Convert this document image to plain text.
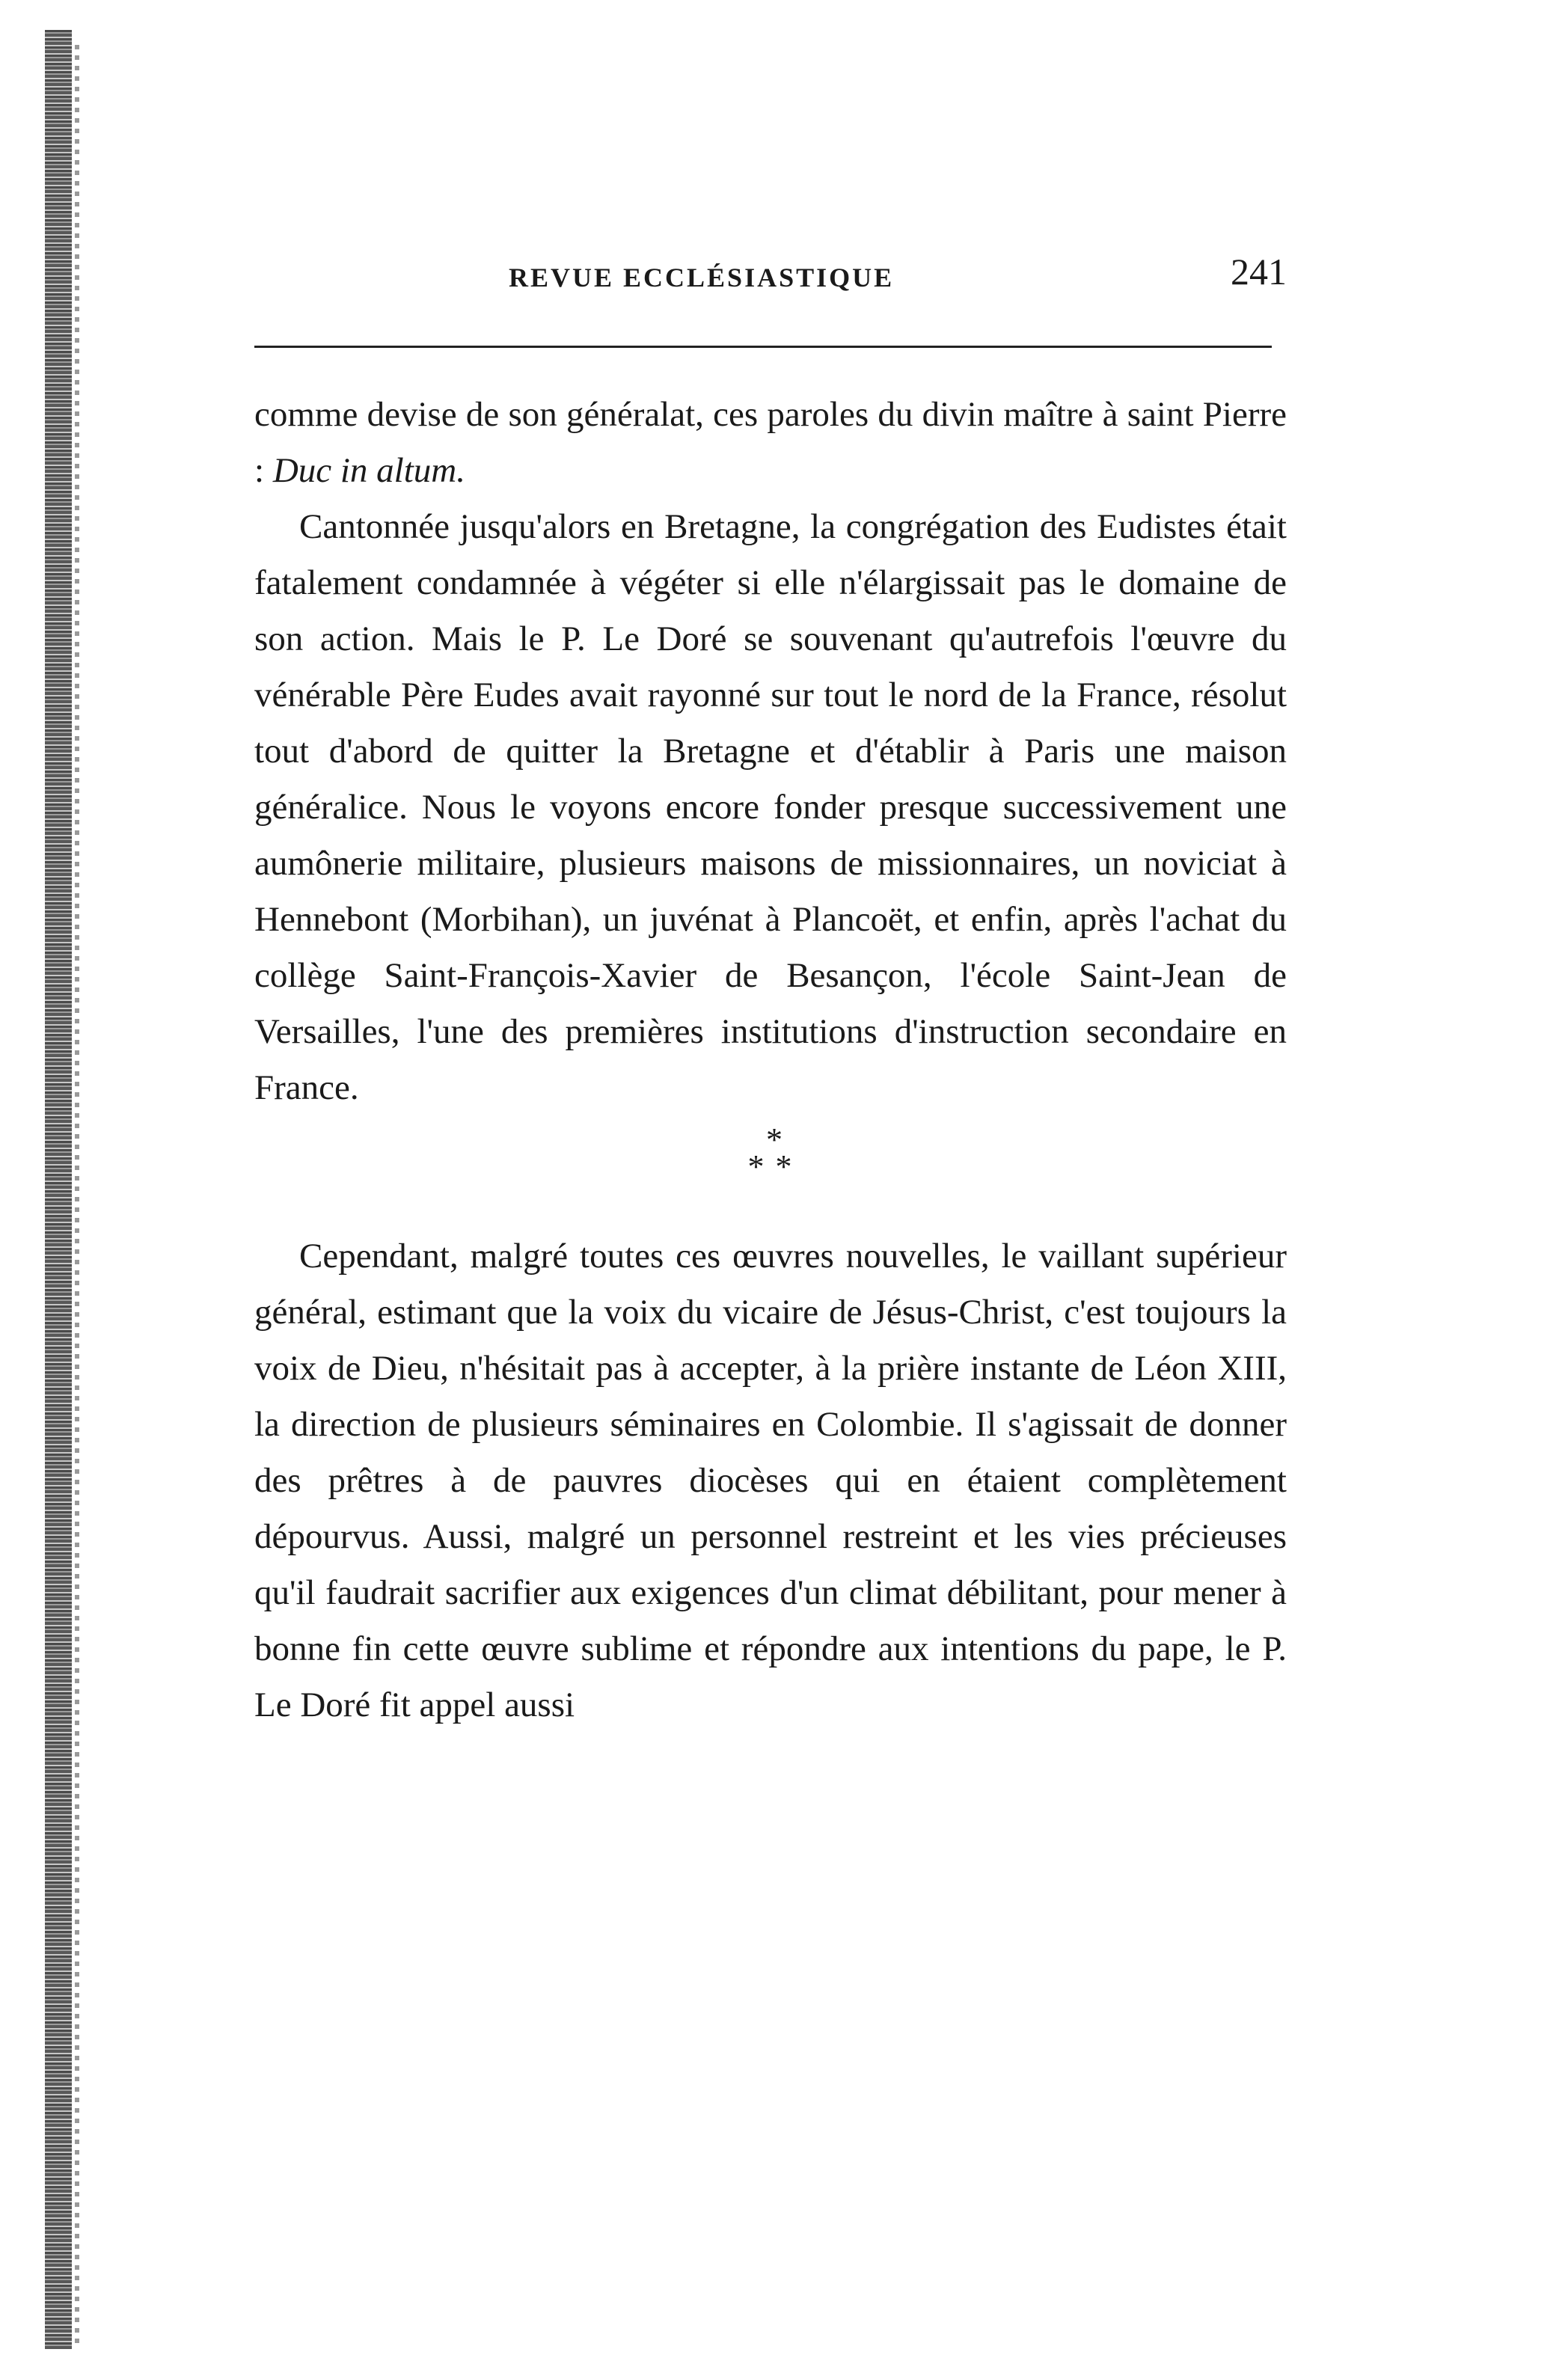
REVUE ECCLÉSIASTIQUE	241

comme devise de son généralat, ces paroles du divin maître à saint Pierre : Duc in altum.

Cantonnée jusqu'alors en Bretagne, la congrégation des Eudistes était fatalement condamnée à végéter si elle n'élargissait pas le domaine de son action. Mais le P. Le Doré se souvenant qu'autrefois l'œuvre du vénérable Père Eudes avait rayonné sur tout le nord de la France, résolut tout d'abord de quitter la Bretagne et d'établir à Paris une maison généralice. Nous le voyons encore fonder presque successivement une aumônerie militaire, plusieurs maisons de missionnaires, un noviciat à Hennebont (Morbihan), un juvénat à Plancoët, et enfin, après l'achat du collège Saint-François-Xavier de Besançon, l'école Saint-Jean de Versailles, l'une des premières institutions d'instruction secondaire en France.

*
* *

Cependant, malgré toutes ces œuvres nouvelles, le vaillant supérieur général, estimant que la voix du vicaire de Jésus-Christ, c'est toujours la voix de Dieu, n'hésitait pas à accepter, à la prière instante de Léon XIII, la direction de plusieurs séminaires en Colombie. Il s'agissait de donner des prêtres à de pauvres diocèses qui en étaient complètement dépourvus. Aussi, malgré un personnel restreint et les vies précieuses qu'il faudrait sacrifier aux exigences d'un climat débilitant, pour mener à bonne fin cette œuvre sublime et répondre aux intentions du pape, le P. Le Doré fit appel aussi
